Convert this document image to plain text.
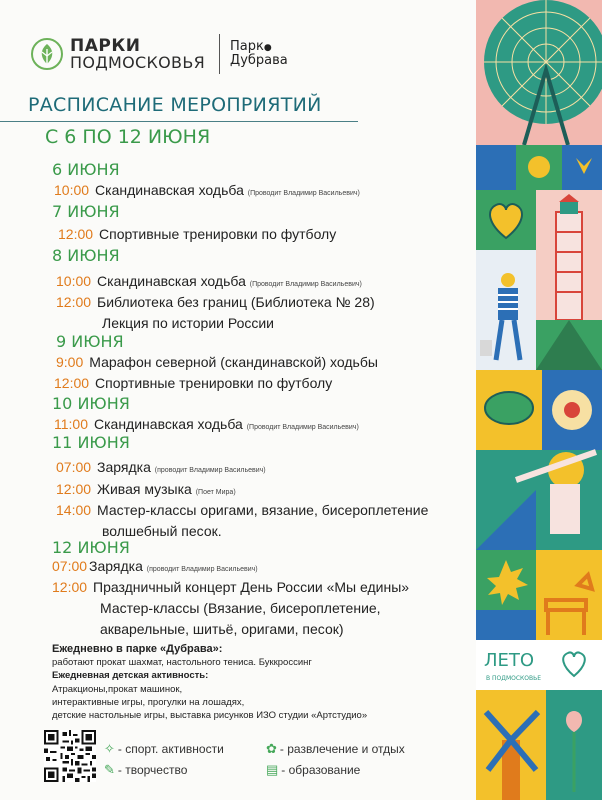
ПАРКИ
ПОДМОСКОВЬЯ
Парк●
Дубрава
РАСПИСАНИЕ МЕРОПРИЯТИЙ
С 6 ПО 12 ИЮНЯ
6 ИЮНЯ
10:00 Скандинавская ходьба (Проводит Владимир Васильевич)
7 ИЮНЯ
12:00 Спортивные тренировки по футболу
8 ИЮНЯ
10:00 Скандинавская ходьба (Проводит Владимир Васильевич)
12:00 Библиотека без границ (Библиотека № 28)
Лекция по истории России
9 ИЮНЯ
9:00 Марафон северной (скандинавской) ходьбы
12:00 Спортивные тренировки по футболу
10 ИЮНЯ
11:00 Скандинавская ходьба (Проводит Владимир Васильевич)
11 ИЮНЯ
07:00 Зарядка (проводит Владимир Васильевич)
12:00 Живая музыка (Поет Мира)
14:00 Мастер-классы оригами, вязание, бисероплетение
волшебный песок.
12 ИЮНЯ
07:00 Зарядка (проводит Владимир Васильевич)
12:00 Праздничный концерт День России «Мы едины»
Мастер-классы (Вязание, бисероплетение,
акварельные, шитьё, оригами, песок)
Ежедневно в парке «Дубрава»:
работают прокат шахмат, настольного тениса. Буккроссинг
Ежедневная детская активность:
Атракционы,прокат машинок,
интерактивные игры, прогулки на лошадях,
детские настольные игры, выставка рисунков ИЗО студии «Артстудио»
✧ - спорт. активности	✿ - развлечение и отдых
✎ - творчество	▤ - образование
ЛЕТО
В ПОДМОСКОВЬЕ
